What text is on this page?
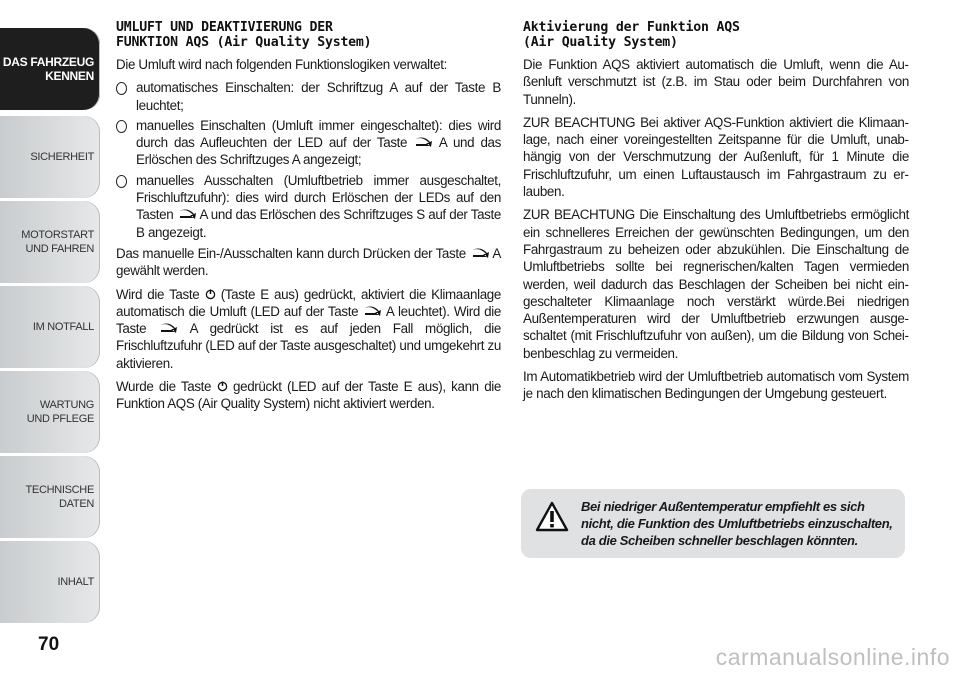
DAS FAHRZEUG
KENNEN
SICHERHEIT
MOTORSTART
UND FAHREN
IM NOTFALL
WARTUNG
UND PFLEGE
TECHNISCHE
DATEN
INHALT
70
UMLUFT UND DEAKTIVIERUNG DER
FUNKTION AQS (Air Quality System)

Die Umluft wird nach folgenden Funktionslogiken verwaltet:

automatisches Einschalten: der Schriftzug A auf der Taste B leuchtet;
manuelles Einschalten (Umluft immer eingeschaltet): dies wird durch das Aufleuchten der LED auf der Taste A und das Erlöschen des Schriftzuges A angezeigt;
manuelles Ausschalten (Umluftbetrieb immer ausgeschaltet, Frischluftzufuhr): dies wird durch Erlöschen der LEDs auf den Tasten A und das Erlöschen des Schriftzuges S auf der Taste B angezeigt.

Das manuelle Ein-/Ausschalten kann durch Drücken der Taste A gewählt werden.

Wird die Taste (Taste E aus) gedrückt, aktiviert die Klimaanlage automatisch die Umluft (LED auf der Taste A leuchtet). Wird die Taste	A gedrückt ist es auf jeden Fall möglich, die Frischluftzufuhr (LED auf der Taste ausgeschaltet) und umgekehrt zu aktivieren.

Wurde die Taste gedrückt (LED auf der Taste E aus), kann die Funktion AQS (Air Quality System) nicht aktiviert werden.

Aktivierung der Funktion AQS
(Air Quality System)

Die Funktion AQS aktiviert automatisch die Umluft, wenn die Außenluft verschmutzt ist (z.B. im Stau oder beim Durchfahren von Tunneln).

ZUR BEACHTUNG Bei aktiver AQS-Funktion aktiviert die Klimaanlage, nach einer voreingestellten Zeitspanne für die Umluft, unabhängig von der Verschmutzung der Außenluft, für 1 Minute die Frischluftzufuhr, um einen Luftaustausch im Fahrgastraum zu erlauben.

ZUR BEACHTUNG Die Einschaltung des Umluftbetriebs ermöglicht ein schnelleres Erreichen der gewünschten Bedingungen, um den Fahrgastraum zu beheizen oder abzukühlen. Die Einschaltung de Umluftbetriebs sollte bei regnerischen/kalten Tagen vermieden werden, weil dadurch das Beschlagen der Scheiben bei nicht eingeschalteter Klimaanlage noch verstärkt würde.Bei niedrigen Außentemperaturen wird der Umluftbetrieb erzwungen ausgeschaltet (mit Frischluftzufuhr von außen), um die Bildung von Scheibenbeschlag zu vermeiden.

Im Automatikbetrieb wird der Umluftbetrieb automatisch vom System je nach den klimatischen Bedingungen der Umgebung gesteuert.

Bei niedriger Außentemperatur empfiehlt es sich nicht, die Funktion des Umluftbetriebs einzuschalten, da die Scheiben schneller beschlagen könnten.
carmanualsonline.info
